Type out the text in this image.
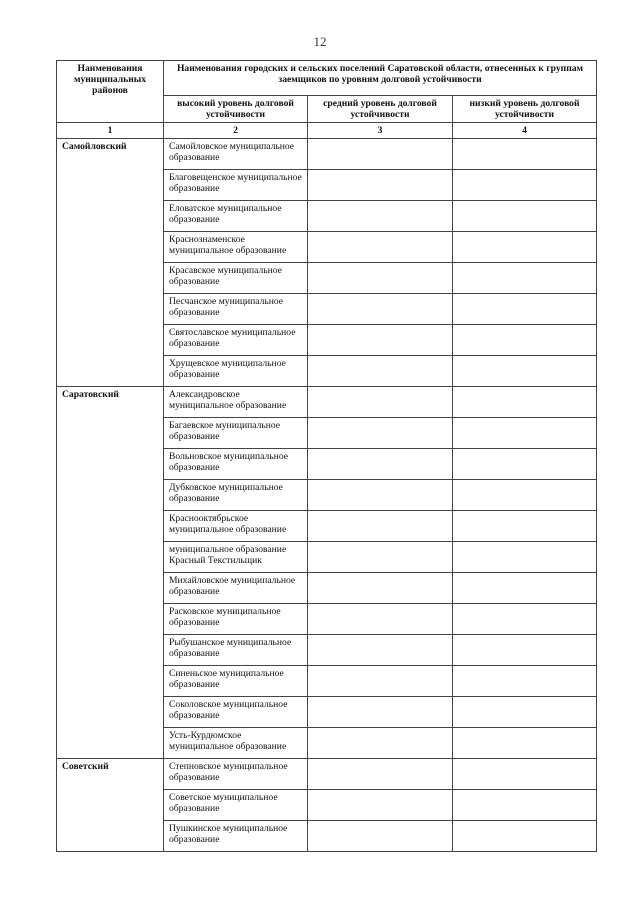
12
Наименования муниципальных районов	Наименования городских и сельских поселений Саратовской области, отнесенных к группам заемщиков по уровням долговой устойчивости		
	высокий уровень долговой устойчивости	средний уровень долговой устойчивости	низкий уровень долговой устойчивости
1	2	3	4
Самойловский	Самойловское муниципальное образование		
	Благовещенское муниципальное образование		
	Еловатское муниципальное образование		
	Краснознаменское муниципальное образование		
	Красавское муниципальное образование		
	Песчанское муниципальное образование		
	Святославское муниципальное образование		
	Хрущевское муниципальное образование		
Саратовский	Александровское муниципальное образование		
	Багаевское муниципальное образование		
	Вольновское муниципальное образование		
	Дубковское муниципальное образование		
	Краснооктябрьское муниципальное образование		
	муниципальное образование Красный Текстильщик		
	Михайловское муниципальное образование		
	Расковское муниципальное образование		
	Рыбушанское муниципальное образование		
	Синеньское муниципальное образование		
	Соколовское муниципальное образование		
	Усть-Курдюмское муниципальное образование		
Советский	Степновское муниципальное образование		
	Советское муниципальное образование		
	Пушкинское муниципальное образование		
